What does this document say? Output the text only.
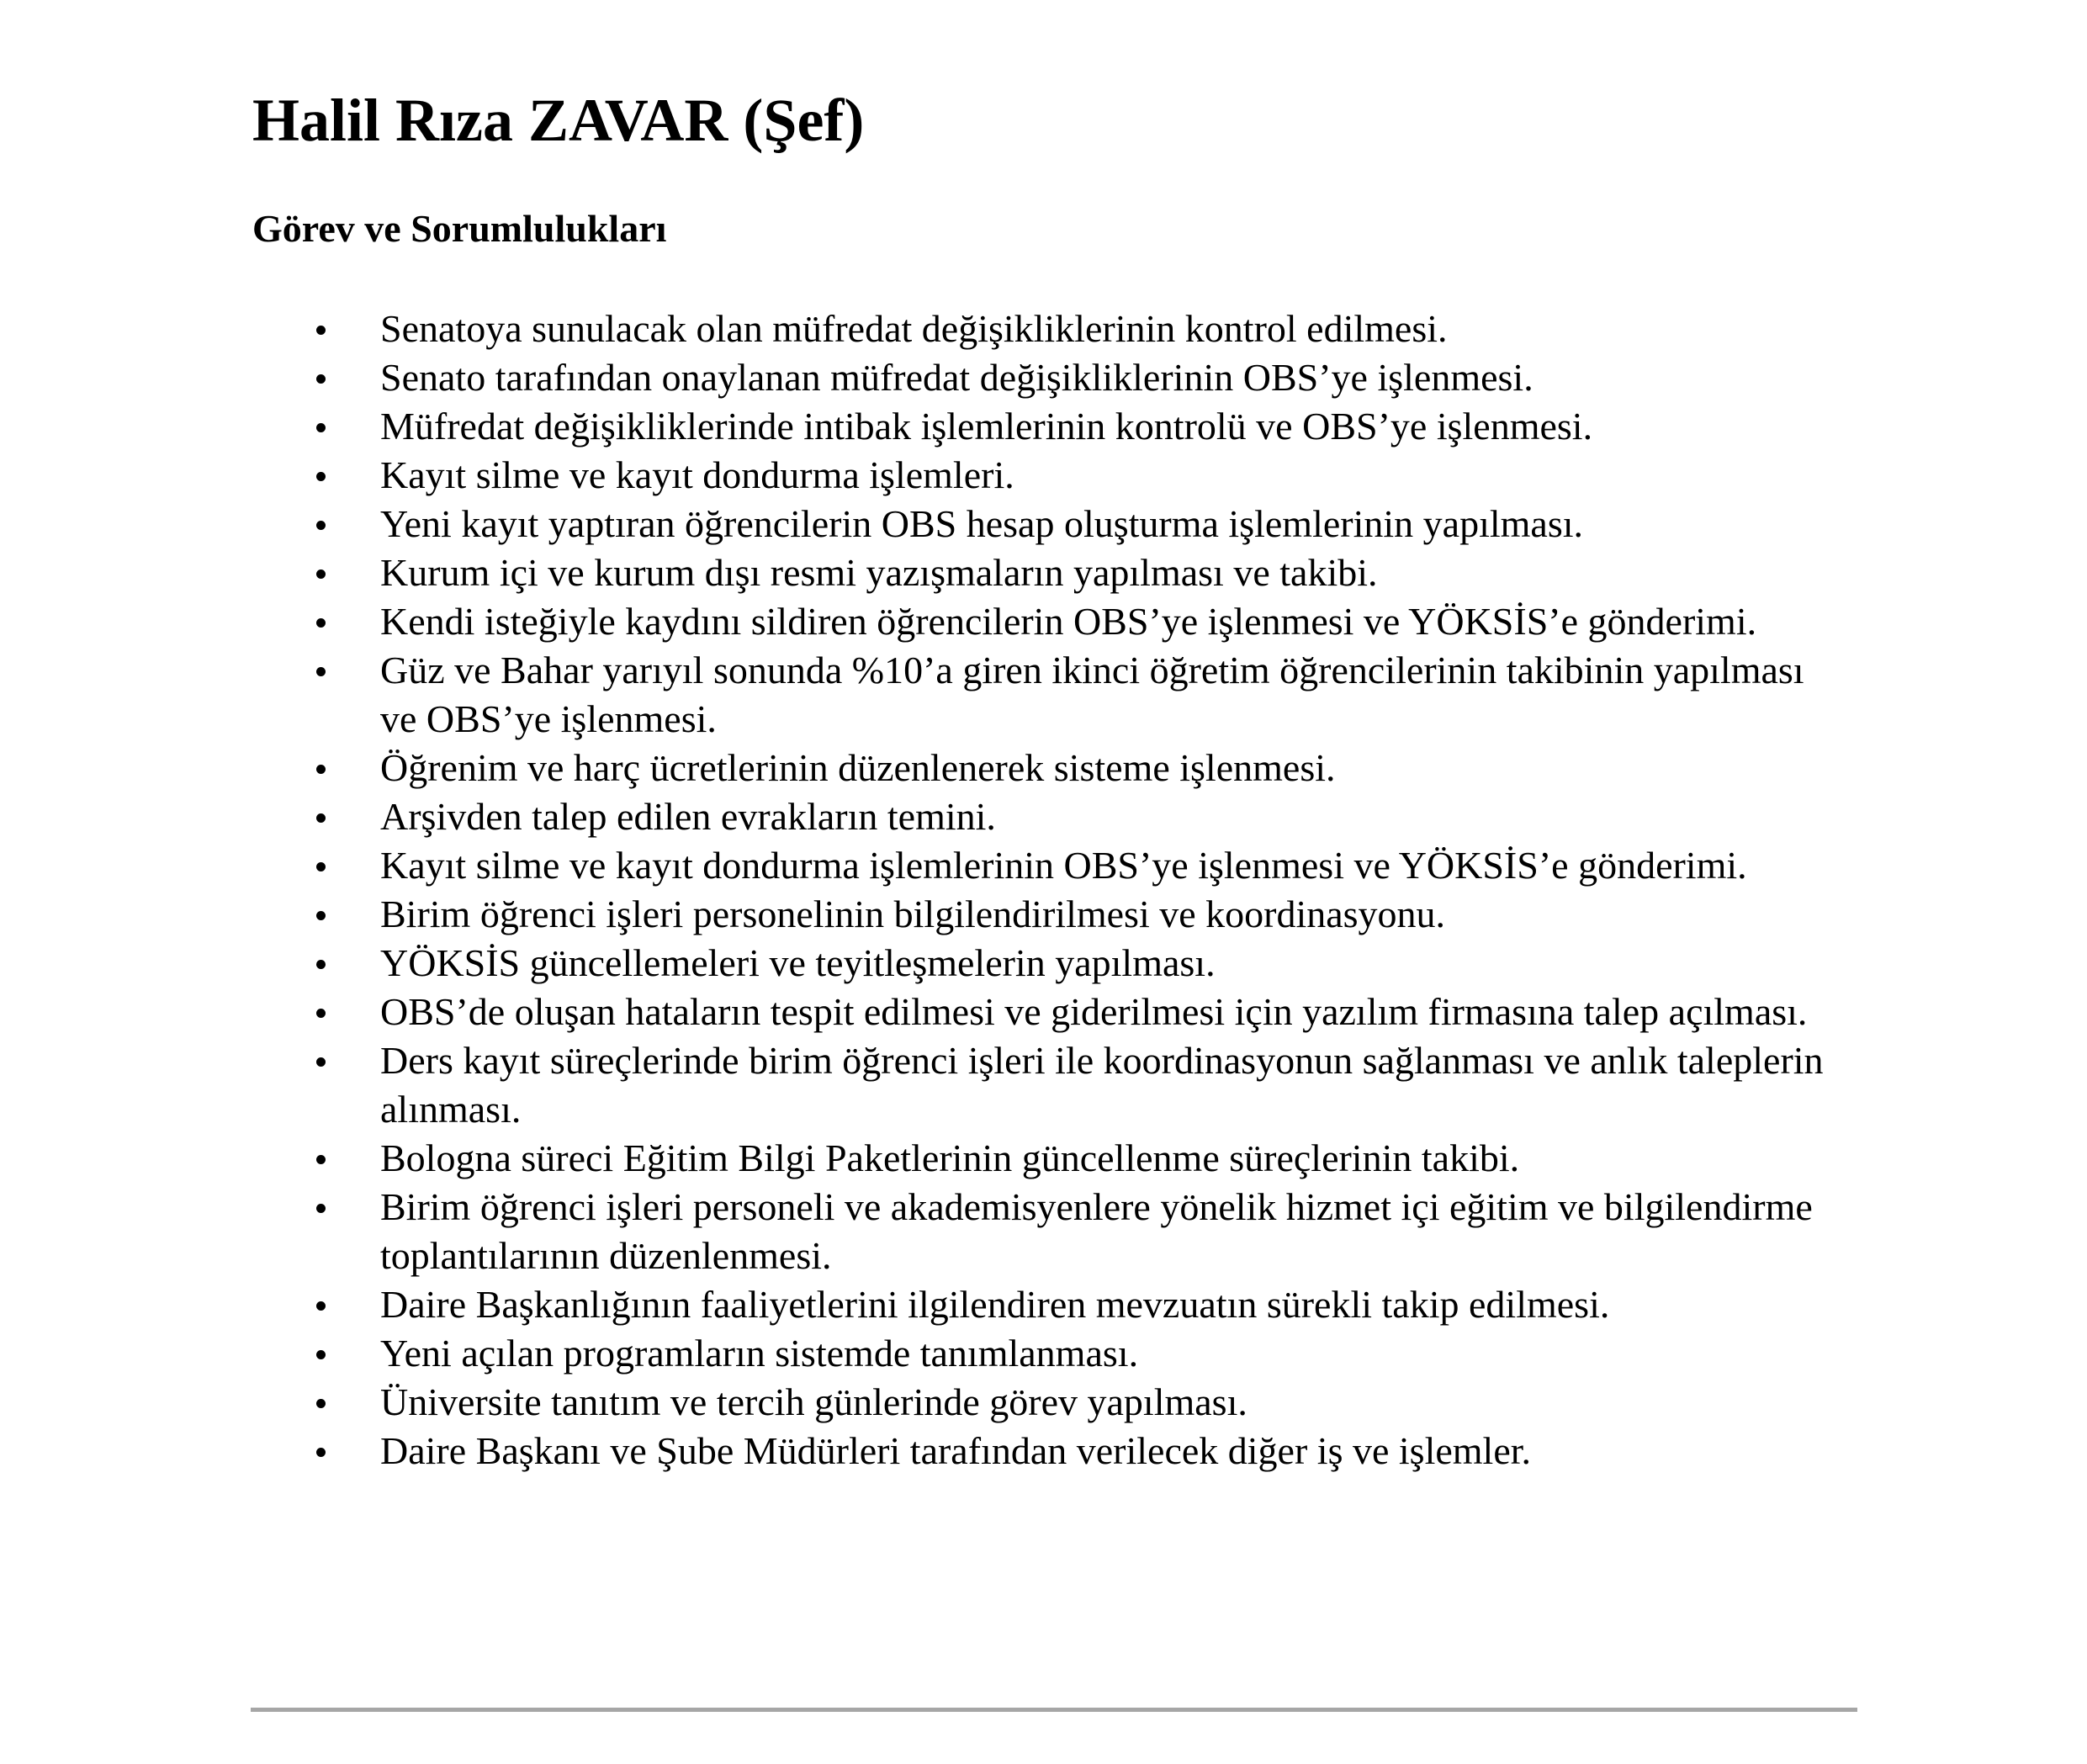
Halil Rıza ZAVAR (Şef)
Görev ve Sorumlulukları
Senatoya sunulacak olan müfredat değişikliklerinin kontrol edilmesi.
Senato tarafından onaylanan müfredat değişikliklerinin OBS’ye işlenmesi.
Müfredat değişikliklerinde intibak işlemlerinin kontrolü ve OBS’ye işlenmesi.
Kayıt silme ve kayıt dondurma işlemleri.
Yeni kayıt yaptıran öğrencilerin OBS hesap oluşturma işlemlerinin yapılması.
Kurum içi ve kurum dışı resmi yazışmaların yapılması ve takibi.
Kendi isteğiyle kaydını sildiren öğrencilerin OBS’ye işlenmesi ve YÖKSİS’e gönderimi.
Güz ve Bahar yarıyıl sonunda %10’a giren ikinci öğretim öğrencilerinin takibinin yapılması ve OBS’ye işlenmesi.
Öğrenim ve harç ücretlerinin düzenlenerek sisteme işlenmesi.
Arşivden talep edilen evrakların temini.
Kayıt silme ve kayıt dondurma işlemlerinin OBS’ye işlenmesi ve YÖKSİS’e gönderimi.
Birim öğrenci işleri personelinin bilgilendirilmesi ve koordinasyonu.
YÖKSİS güncellemeleri ve teyitleşmelerin yapılması.
OBS’de oluşan hataların tespit edilmesi ve giderilmesi için yazılım firmasına talep açılması.
Ders kayıt süreçlerinde birim öğrenci işleri ile koordinasyonun sağlanması ve anlık taleplerin alınması.
Bologna süreci Eğitim Bilgi Paketlerinin güncellenme süreçlerinin takibi.
Birim öğrenci işleri personeli ve akademisyenlere yönelik hizmet içi eğitim ve bilgilendirme toplantılarının düzenlenmesi.
Daire Başkanlığının faaliyetlerini ilgilendiren mevzuatın sürekli takip edilmesi.
Yeni açılan programların sistemde tanımlanması.
Üniversite tanıtım ve tercih günlerinde görev yapılması.
Daire Başkanı ve Şube Müdürleri tarafından verilecek diğer iş ve işlemler.
